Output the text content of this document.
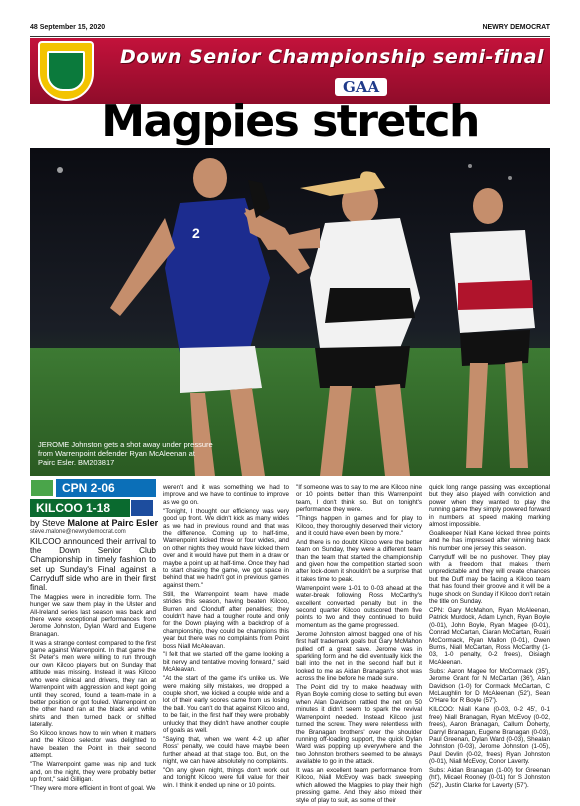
48 September 15, 2020	NEWRY DEMOCRAT
Down Senior Championship semi-final
GAA
Magpies stretch
2
JEROME Johnston gets a shot away under pressure from Warrenpoint defender Ryan McAleenan at Pairc Esler. BM203817
CPN 2-06
KILCOO 1-18
by Steve Malone at Pairc Esler
steve.malone@newrydemocrat.com

KILCOO announced their arrival to the Down Senior Club Championship in timely fashion to set up Sunday's Final against a Carryduff side who are in their first final.

The Magpies were in incredible form. The hunger we saw them play in the Ulster and All-Ireland series last season was back and there were exceptional performances from Jerome Johnston, Dylan Ward and Eugene Branagan.

It was a strange contest compared to the first game against Warrenpoint. In that game the St Peter's men were willing to run through our own Kilcoo players but on Sunday that attitude was missing. Instead it was Kilcoo who were clinical and drivers, they ran at Warrenpoint with aggression and kept going until they scored, found a team-mate in a better position or got fouled. Warrenpoint on the other hand ran at the black and white shirts and then turned back or shifted laterally.

So Kilcoo knows how to win when it matters and the Kilcoo selector was delighted to have beaten the Point in their second attempt.

"The Warrenpoint game was nip and tuck and, on the night, they were probably better up front," said Gilligan.

"They were more efficient in front of goal. We

weren't and it was something we had to improve and we have to continue to improve as we go on.

"Tonight, I thought our efficiency was very good up front. We didn't kick as many wides as we had in previous round and that was the difference. Coming up to half-time, Warrenpoint kicked three or four wides, and on other nights they would have kicked them over and it would have put them in a draw or maybe a point up at half-time. Once they had to start chasing the game, we got space in behind that we hadn't got in previous games against them."

Still, the Warrenpoint team have made strides this season, having beaten Kilcoo, Burren and Clonduff after penalties; they couldn't have had a tougher route and only for the Down playing with a backdrop of a championship, they could be champions this year but there was no complaints from Point boss Niall McAleavan.

"I felt that we started off the game looking a bit nervy and tentative moving forward," said McAleavan.

"At the start of the game it's unlike us. We were making silly mistakes, we dropped a couple short, we kicked a couple wide and a lot of their early scores came from us losing the ball. You can't do that against Kilcoo and, to be fair, in the first half they were probably unlucky that they didn't have another couple of goals as well.

"Saying that, when we went 4-2 up after Ross' penalty, we could have maybe been further ahead at that stage too. But, on the night, we can have absolutely no complaints.

"On any given night, things don't work out and tonight Kilcoo were full value for their win. I think it ended up nine or 10 points.

"If someone was to say to me are Kilcoo nine or 10 points better than this Warrenpoint team, I don't think so. But on tonight's performance they were.

"Things happen in games and for play to Kilcoo, they thoroughly deserved their victory and it could have even been by more."

And there is no doubt Kilcoo were the better team on Sunday, they were a different team than the team that started the championship and given how the competition started soon after lock-down it shouldn't be a surprise that it takes time to peak.

Warrenpoint were 1-01 to 0-03 ahead at the water-break following Ross McCarthy's excellent converted penalty but in the second quarter Kilcoo outscored them five points to two and they continued to build momentum as the game progressed.

Jerome Johnston almost bagged one of his first half trademark goals but Gary McMahon pulled off a great save. Jerome was in sparkling form and he did eventually kick the ball into the net in the second half but it looked to me as Aidan Branagan's shot was across the line before he made sure.

The Point did try to make headway with Ryan Boyle coming close to setting but even when Alan Davidson rattled the net on 50 minutes it didn't seem to spark the revival Warrenpoint needed. Instead Kilcoo just turned the screw. They were relentless with the Branagan brothers' over the shoulder running off-loading support, the quick Dylan Ward was popping up everywhere and the two Johnston brothers seemed to be always available to go in the attack.

It was an excellent team performance from Kilcoo, Niall McEvoy was back sweeping which allowed the Magpies to play their high pressing game. And they also mixed their style of play to suit, as some of their

quick long range passing was exceptional but they also played with conviction and power when they wanted to play the running game they simply powered forward in numbers at speed making marking almost impossible.

Goalkeeper Niall Kane kicked three points and he has impressed after winning back his number one jersey this season.

Carryduff will be no pushover. They play with a freedom that makes them unpredictable and they will create chances but the Duff may be facing a Kilcoo team that has found their groove and it will be a huge shock on Sunday if Kilcoo don't retain the title on Sunday.

CPN: Gary McMahon, Ryan McAleenan, Patrick Murdock, Adam Lynch, Ryan Boyle (0-01), John Boyle, Ryan Magee (0-01), Conrad McCartan, Ciaran McCartan, Ruairi McCormack, Ryan Mallon (0-01), Owen Burns, Niall McCartan, Ross McCarthy (1-03, 1-0 penalty, 0-2 frees), Oisiagh McAleenan.

Subs: Aaron Magee for McCormack (35'), Jerome Grant for N McCartan (36'), Alan Davidson (1-0) for Cormack McCartan, C McLaughlin for D McAleenan (52'), Sean O'Hare for R Boyle (57').

KILCOO: Niall Kane (0-03, 0-2 45', 0-1 free) Niall Branagan, Ryan McEvoy (0-02, frees), Aaron Branagan, Callum Doherty, Darryl Branagan, Eugene Branagan (0-03), Paul Greenan, Dylan Ward (0-03), Shealan Johnston (0-03), Jerome Johnston (1-05), Paul Devlin (0-02, frees) Ryan Johnston (0-01), Niall McEvoy, Conor Laverty.

Subs: Aidan Branagan (1-00) for Greenan (ht'), Micael Rooney (0-01) for S Johnston (52'), Justin Clarke for Laverty (57').
